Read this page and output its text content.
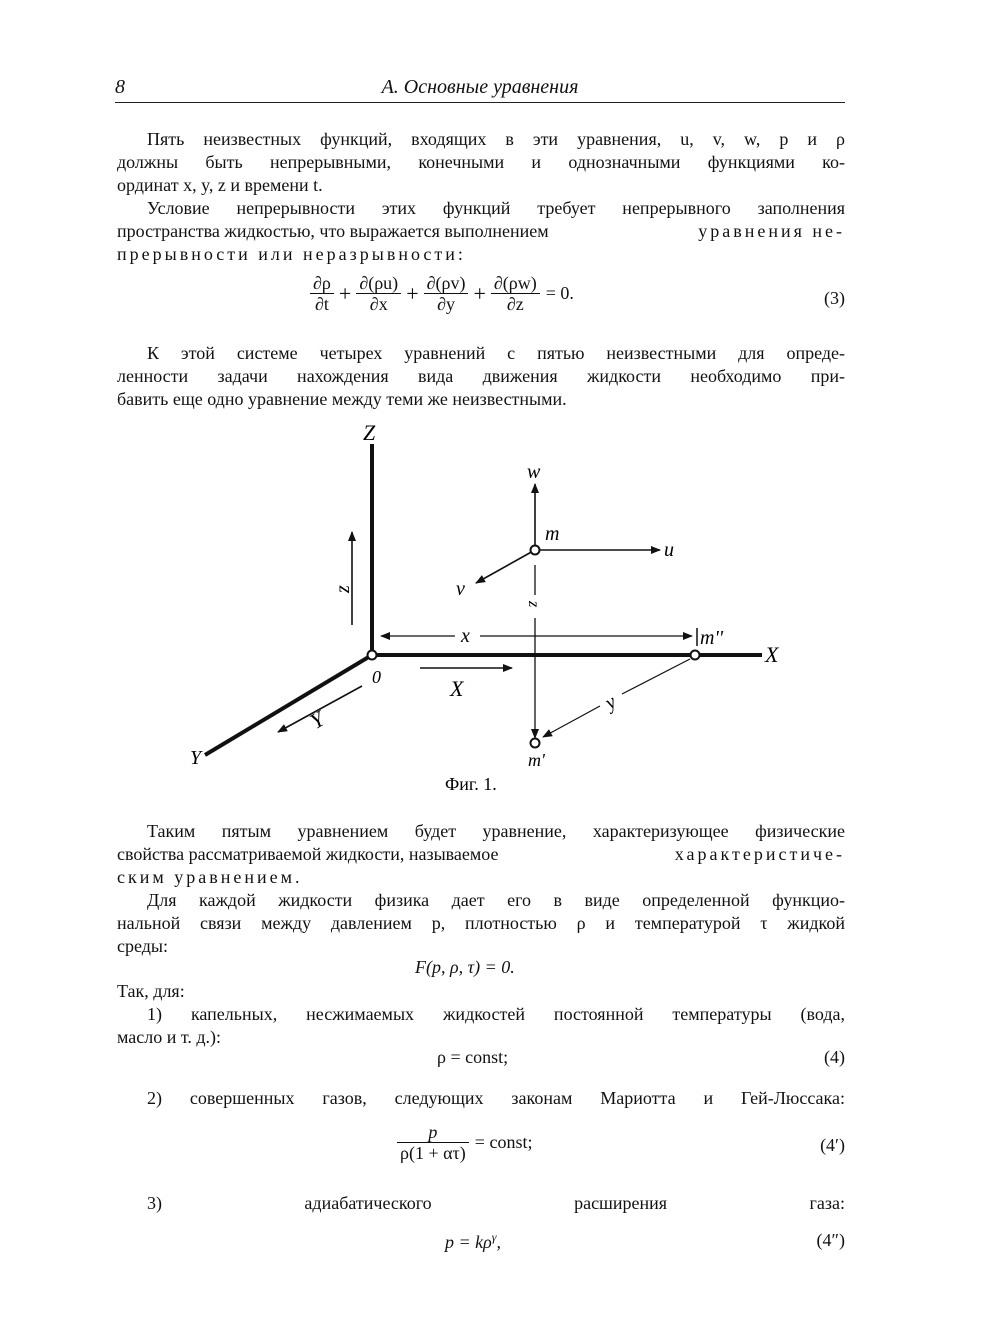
8	А. Основные уравнения
Пять неизвестных функций, входящих в эти уравнения, u, v, w, p и ρ
должны быть непрерывными, конечными и однозначными функциями ко-
ординат x, y, z и времени t.
Условие непрерывности этих функций требует непрерывного заполнения
пространства жидкостью, что выражается выполнением	уравнения не-
прерывности или неразрывности:
$\frac{\partial\rho}{\partial t} + \frac{\partial(\rho u)}{\partial x} + \frac{\partial(\rho v)}{\partial y} + \frac{\partial(\rho w)}{\partial z} = 0$.	(3)
К этой системе четырех уравнений с пятью неизвестными для опреде-
ленности задачи нахождения вида движения жидкости необходимо при-
бавить еще одно уравнение между теми же неизвестными.
Z
z
w
m
u
v
z
x	m''
X
0	X
y
Y
Y	m'
Фиг. 1.
Таким пятым уравнением будет уравнение, характеризующее физические
свойства рассматриваемой жидкости, называемое	характеристиче-
ским уравнением.
Для каждой жидкости физика дает его в виде определенной функцио-
нальной связи между давлением p, плотностью ρ и температурой τ жидкой
среды:
F(p, ρ, τ) = 0.
Так, для:
1) капельных, несжимаемых жидкостей постоянной температуры (вода,
масло и т. д.):
ρ = const;	(4)
2) совершенных газов, следующих законам Мариотта и Гей-Люссака:
$\frac{p}{\rho(1 + \alpha\tau)}$ = const;	(4′)
3) адиабатического расширения газа:
$p = k\rho^\gamma$,	(4″)
